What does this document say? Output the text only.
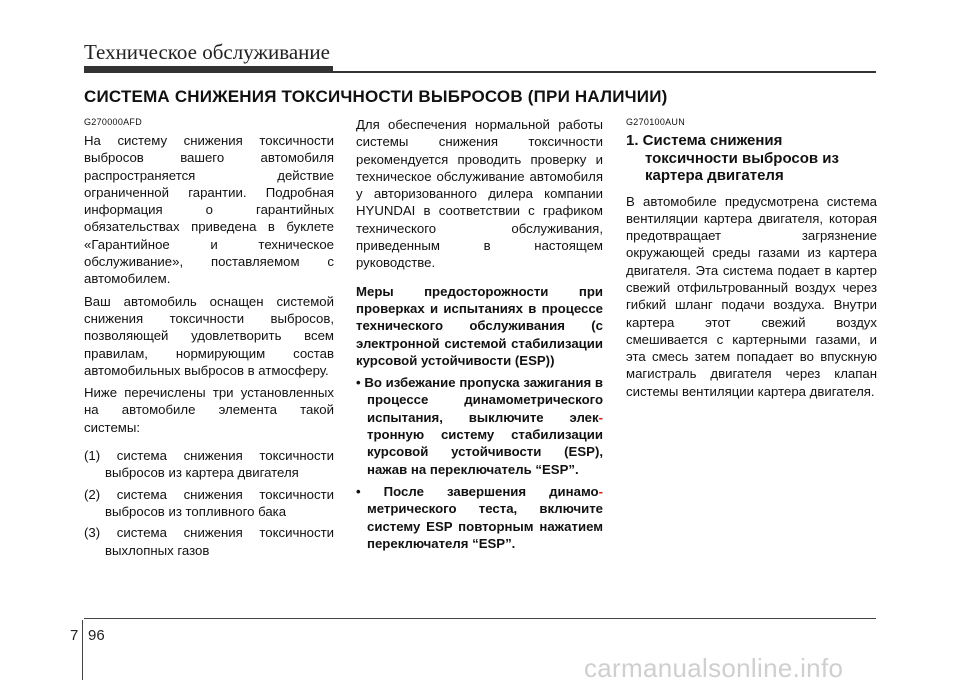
Техническое обслуживание
СИСТЕМА СНИЖЕНИЯ ТОКСИЧНОСТИ ВЫБРОСОВ (ПРИ НАЛИЧИИ)

G270000AFD

На систему снижения токсичности выбросов вашего автомобиля распространяется действие ограниченной гарантии. Подробная информация о гарантийных обязательствах приведена в буклете «Гарантийное и техническое обслуживание», поставляемом с автомобилем.

Ваш автомобиль оснащен системой снижения токсичности выбросов, позволяющей удовлетворить всем правилам, нормирующим состав автомобильных выбросов в атмосферу.

Ниже перечислены три установленных на автомобиле элемента такой системы:

(1) система снижения токсичности выбросов из картера двигателя

(2) система снижения токсичности выбросов из топливного бака

(3) система снижения токсичности выхлопных газов

Для обеспечения нормальной работы системы снижения токсичности рекомендуется проводить проверку и техническое обслуживание автомобиля у авторизованного дилера компании HYUNDAI в соответствии с графиком технического обслуживания, приведенным в настоящем руководстве.

Меры предосторожности при проверках и испытаниях в процессе технического обслуживания (с электронной системой стабилизации курсовой устойчивости (ESP))

• Во избежание пропуска зажигания в процессе динамометрического испытания, выключите элек-тронную систему стабилизации курсовой устойчивости (ESP), нажав на переключатель “ESP”.

• После завершения динамо-метрического теста, включите систему ESP повторным нажатием переключателя “ESP”.

G270100AUN

1. Система снижения токсичности выбросов из картера двигателя

В автомобиле предусмотрена система вентиляции картера двигателя, которая предотвращает загрязнение окружающей среды газами из картера двигателя. Эта система подает в картер свежий отфильтрованный воздух через гибкий шланг подачи воздуха. Внутри картера этот свежий воздух смешивается с картерными газами, и эта смесь затем попадает во впускную магистраль двигателя через клапан системы вентиляции картера двигателя.

7 96
carmanualsonline.info
